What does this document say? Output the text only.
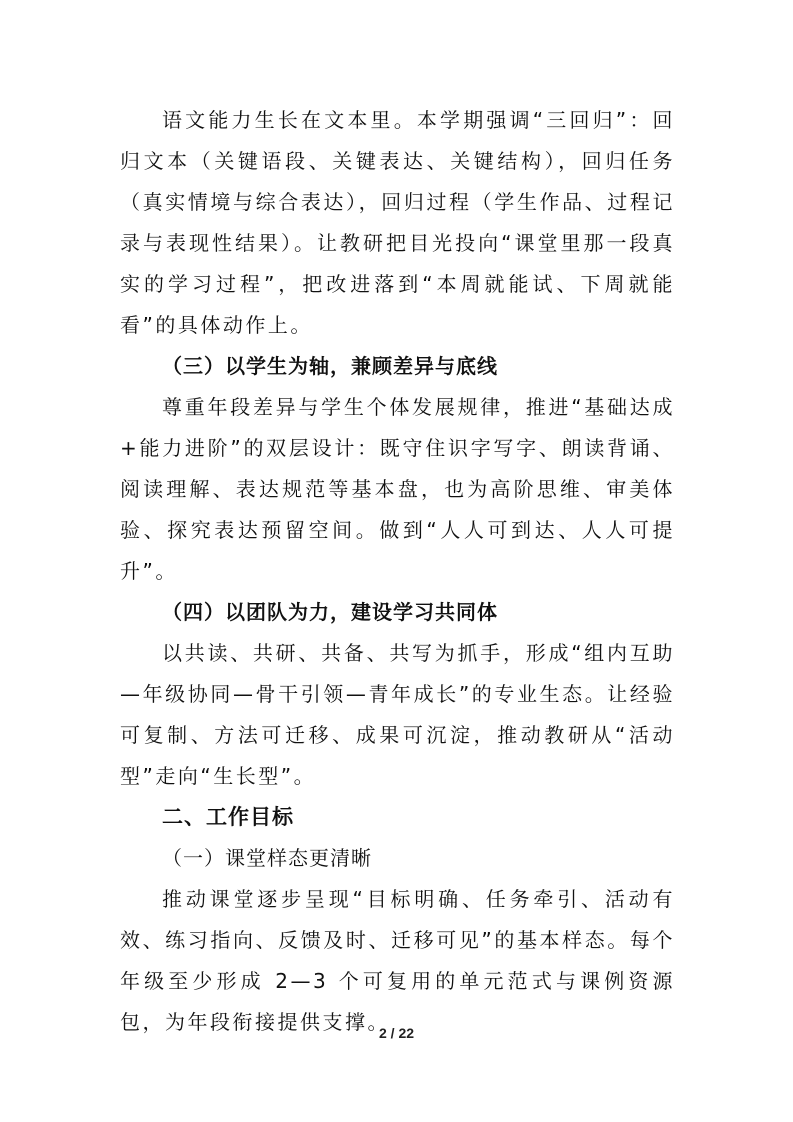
语文能力生长在文本里。本学期强调“三回归”：回归文本（关键语段、关键表达、关键结构），回归任务（真实情境与综合表达），回归过程（学生作品、过程记录与表现性结果）。让教研把目光投向“课堂里那一段真实的学习过程”，把改进落到“本周就能试、下周就能看”的具体动作上。

（三）以学生为轴，兼顾差异与底线

尊重年段差异与学生个体发展规律，推进“基础达成+能力进阶”的双层设计：既守住识字写字、朗读背诵、阅读理解、表达规范等基本盘，也为高阶思维、审美体验、探究表达预留空间。做到“人人可到达、人人可提升”。

（四）以团队为力，建设学习共同体

以共读、共研、共备、共写为抓手，形成“组内互助—年级协同—骨干引领—青年成长”的专业生态。让经验可复制、方法可迁移、成果可沉淀，推动教研从“活动型”走向“生长型”。

二、工作目标

（一）课堂样态更清晰

推动课堂逐步呈现“目标明确、任务牵引、活动有效、练习指向、反馈及时、迁移可见”的基本样态。每个年级至少形成 2—3 个可复用的单元范式与课例资源包，为年段衔接提供支撑。

2 / 22
